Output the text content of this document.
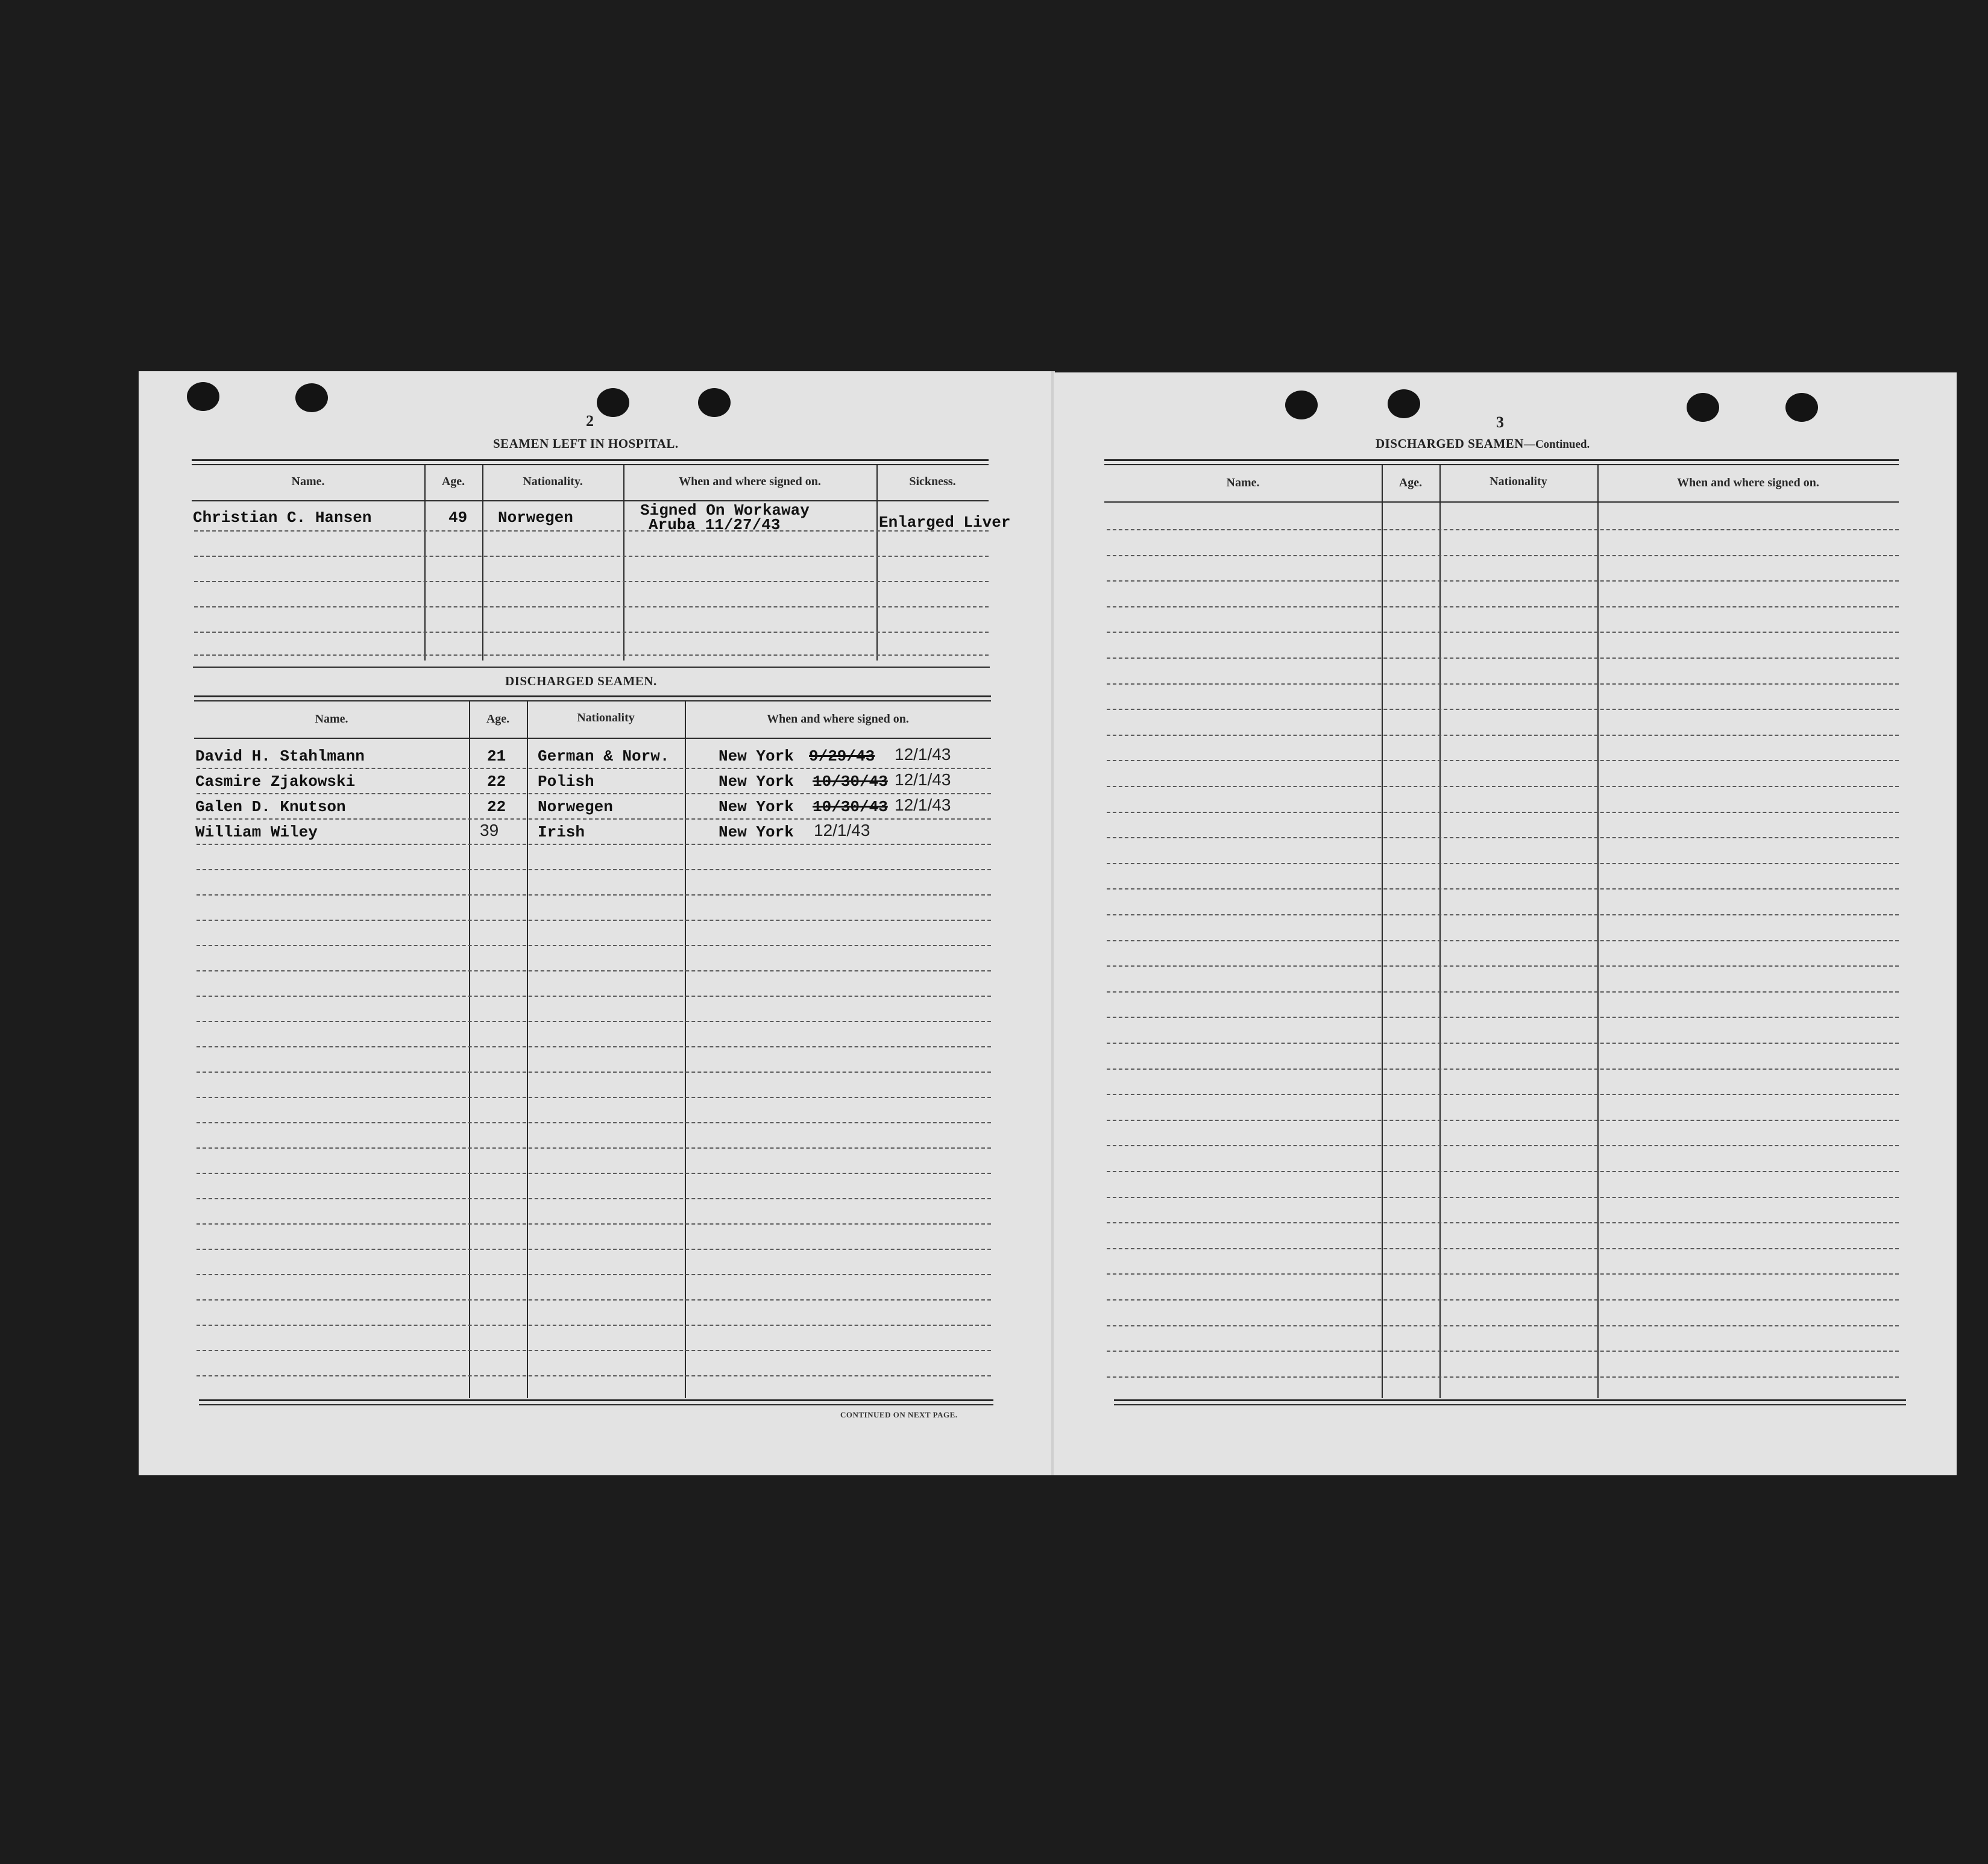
2
SEAMEN LEFT IN HOSPITAL.
Name.	Age.	Nationality.	When and where signed on.	Sickness.
Christian C. Hansen	49 Norwegen	Signed On Workaway
Aruba 11/27/43	Enlarged Liver
DISCHARGED SEAMEN.
Name.	Age.	Nationality	When and where signed on.
David H. Stahlmann	21 German & Norw.	New York 9/29/43 12/1/43
Casmire Zjakowski	22 Polish	New York 10/30/43 12/1/43
Galen D. Knutson	22 Norwegen	New York 10/30/43 12/1/43
William Wiley	39 Irish	New York 12/1/43
CONTINUED ON NEXT PAGE.
3
DISCHARGED SEAMEN—Continued.
Name.	Age.	Nationality	When and where signed on.
